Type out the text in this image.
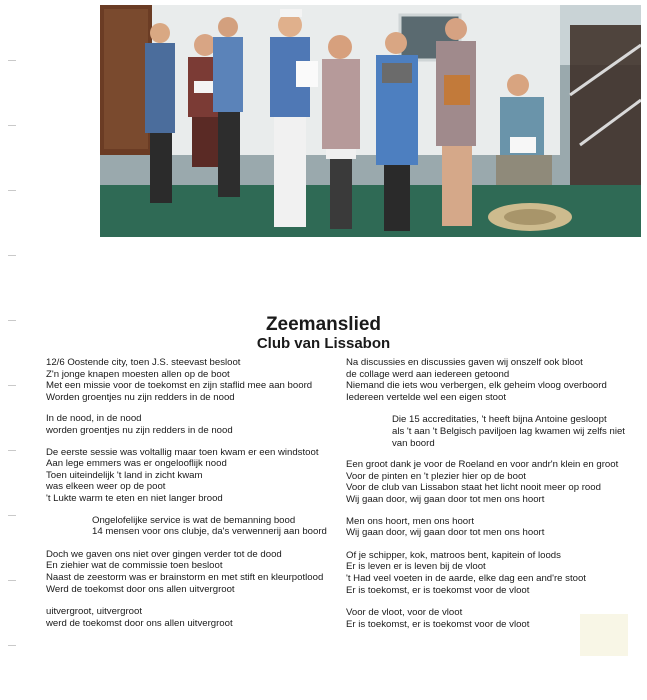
Zeemanslied
Club van Lissabon
12/6 Oostende city, toen J.S. steevast besloot
Z'n jonge knapen moesten allen op de boot
Met een missie voor de toekomst en zijn staflid mee aan boord
Worden groentjes nu zijn redders in de nood
In de nood, in de nood
worden groentjes nu zijn redders in de nood
De eerste sessie was voltallig maar toen kwam er een windstoot
Aan lege emmers was er ongelooflĳk nood
Toen uiteindelĳk 't land in zicht kwam
was elkeen weer op de poot
't Lukte warm te eten en niet langer brood
Ongelofelĳke service is wat de bemanning bood
14 mensen voor ons clubje, da's verwennerij aan boord
Doch we gaven ons niet over gingen verder tot de dood
En ziehier wat de commissie toen besloot
Naast de zeestorm was er brainstorm en met stift en kleurpotlood
Werd de toekomst door ons allen uitvergroot
uitvergroot, uitvergroot
werd de toekomst door ons allen uitvergroot
Na discussies en discussies gaven wij onszelf ook bloot
de collage werd aan iedereen getoond
Niemand die iets wou verbergen, elk geheim vloog overboord
Iedereen vertelde wel een eigen stoot
Die 15 accreditaties, 't heeft bijna Antoine gesloopt
als 't aan 't Belgisch paviljoen lag kwamen wij zelfs niet
van boord
Een groot dank je voor de Roeland en voor andr'n klein en groot
Voor de pinten en 't plezier hier op de boot
Voor de club van Lissabon staat het licht nooit meer op rood
Wij gaan door, wij gaan door tot men ons hoort
Men ons hoort, men ons hoort
Wij gaan door, wij gaan door tot men ons hoort
Of je schipper, kok, matroos bent, kapitein of loods
Er is leven er is leven bij de vloot
't Had veel voeten in de aarde, elke dag een and're stoot
Er is toekomst, er is toekomst voor de vloot
Voor de vloot, voor de vloot
Er is toekomst, er is toekomst voor de vloot
